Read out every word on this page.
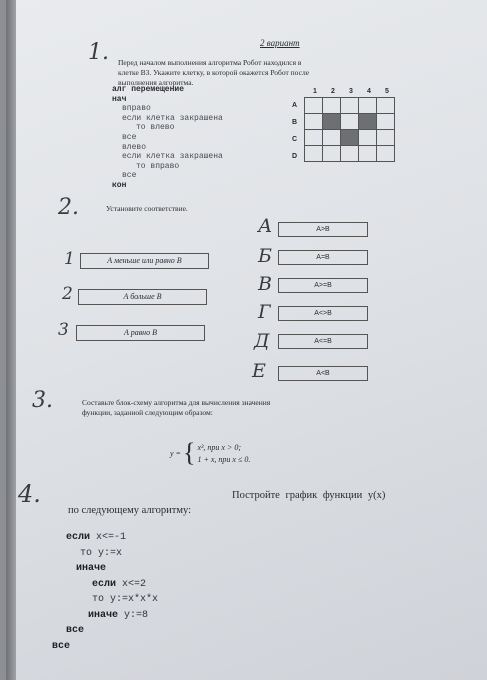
2 вариант
1. Перед началом выполнения алгоритма Робот находился в
клетке B3. Укажите клетку, в которой окажется Робот после
выполнения алгоритма.
алг перемещение
нач
вправо
если клетка закрашена
то влево
все
влево
если клетка закрашена
то вправо
все
кон
1	2	3	4	5
A
B
C
D

2.	Установите соответствие.
1	A меньше или равно B
2	A больше B
3	A равно B
А	A>B
Б	A=B
В	A>=B
Г	A<>B
Д	A<=B
Е	A<B
3.	Составьте блок-схему алгоритма для вычисления значения
функции, заданной следующим образом:
y = { x³, при x > 0;
1 + x, при x ≤ 0.
4.	Постройте график функции y(x)
по следующему алгоритму:
если x<=-1
то y:=x
иначе
если x<=2
то y:=x*x*x
иначе y:=8
все
все
